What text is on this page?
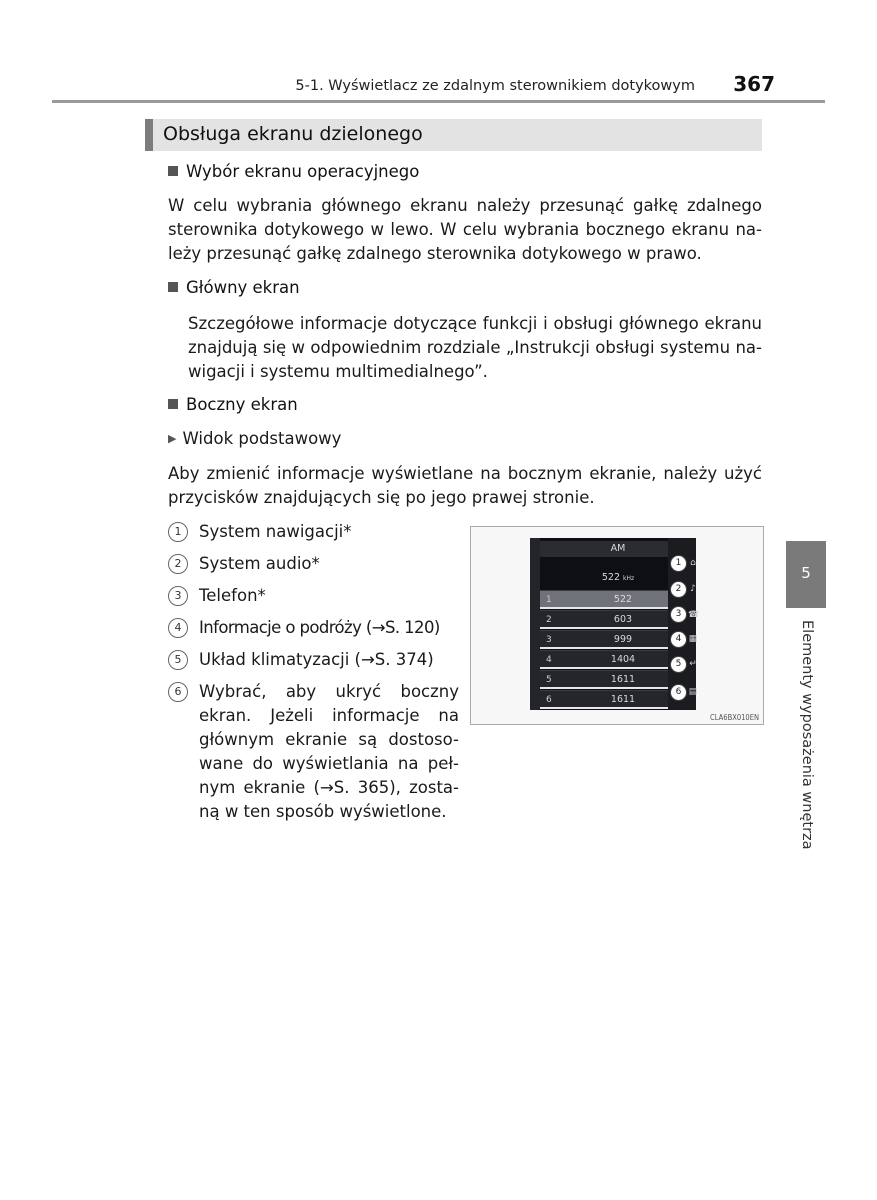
5-1. Wyświetlacz ze zdalnym sterownikiem dotykowym	367
Obsługa ekranu dzielonego
Wybór ekranu operacyjnego
W celu wybrania głównego ekranu należy przesunąć gałkę zdalnego
sterownika dotykowego w lewo. W celu wybrania bocznego ekranu na-
leży przesunąć gałkę zdalnego sterownika dotykowego w prawo.
Główny ekran
Szczegółowe informacje dotyczące funkcji i obsługi głównego ekranu
znajdują się w odpowiednim rozdziale „Instrukcji obsługi systemu na-
wigacji i systemu multimedialnego”.
Boczny ekran
▶ Widok podstawowy
Aby zmienić informacje wyświetlane na bocznym ekranie, należy użyć
przycisków znajdujących się po jego prawej stronie.
1	System nawigacji*
2	System audio*
3	Telefon*
4	Informacje o podróży (→S. 120)
5	Układ klimatyzacji (→S. 374)
6	Wybrać, aby ukryć boczny
ekran. Jeżeli informacje na
głównym ekranie są dostoso-
wane do wyświetlania na peł-
nym ekranie (→S. 365), zosta-
ną w ten sposób wyświetlone.
AM
522 kHz
1	522
2	603
3	999
4	1404
5	1611
6	1611
⌂
♪
☎
▦
↵
▤
1
2
3
4
5
6
CLA6BX010EN
5
Elementy wyposażenia wnętrza
